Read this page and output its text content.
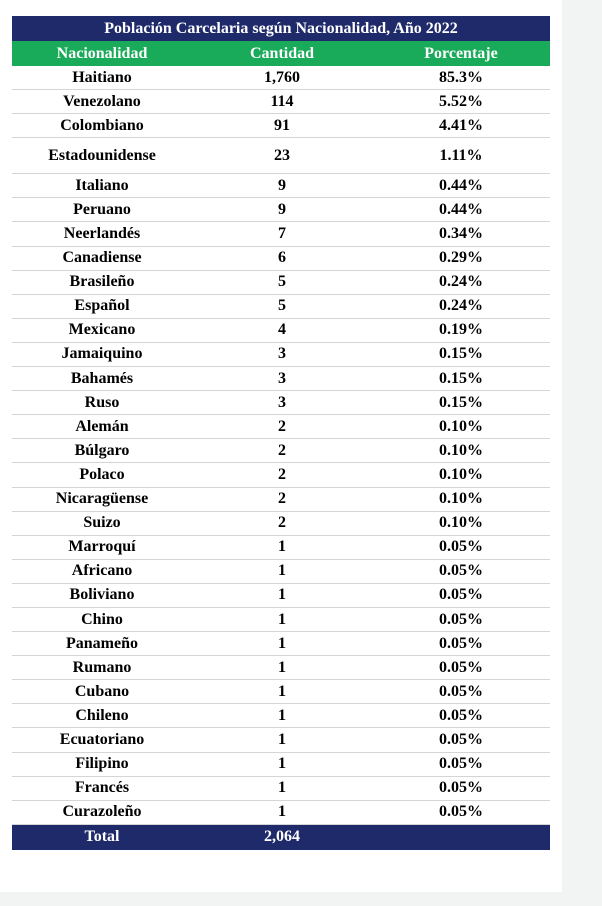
Población Carcelaria según Nacionalidad, Año 2022
Nacionalidad	Cantidad	Porcentaje
Haitiano	1,760	85.3%
Venezolano	114	5.52%
Colombiano	91	4.41%
Estadounidense	23	1.11%
Italiano	9	0.44%
Peruano	9	0.44%
Neerlandés	7	0.34%
Canadiense	6	0.29%
Brasileño	5	0.24%
Español	5	0.24%
Mexicano	4	0.19%
Jamaiquino	3	0.15%
Bahamés	3	0.15%
Ruso	3	0.15%
Alemán	2	0.10%
Búlgaro	2	0.10%
Polaco	2	0.10%
Nicaragüense	2	0.10%
Suizo	2	0.10%
Marroquí	1	0.05%
Africano	1	0.05%
Boliviano	1	0.05%
Chino	1	0.05%
Panameño	1	0.05%
Rumano	1	0.05%
Cubano	1	0.05%
Chileno	1	0.05%
Ecuatoriano	1	0.05%
Filipino	1	0.05%
Francés	1	0.05%
Curazoleño	1	0.05%
Total	2,064
